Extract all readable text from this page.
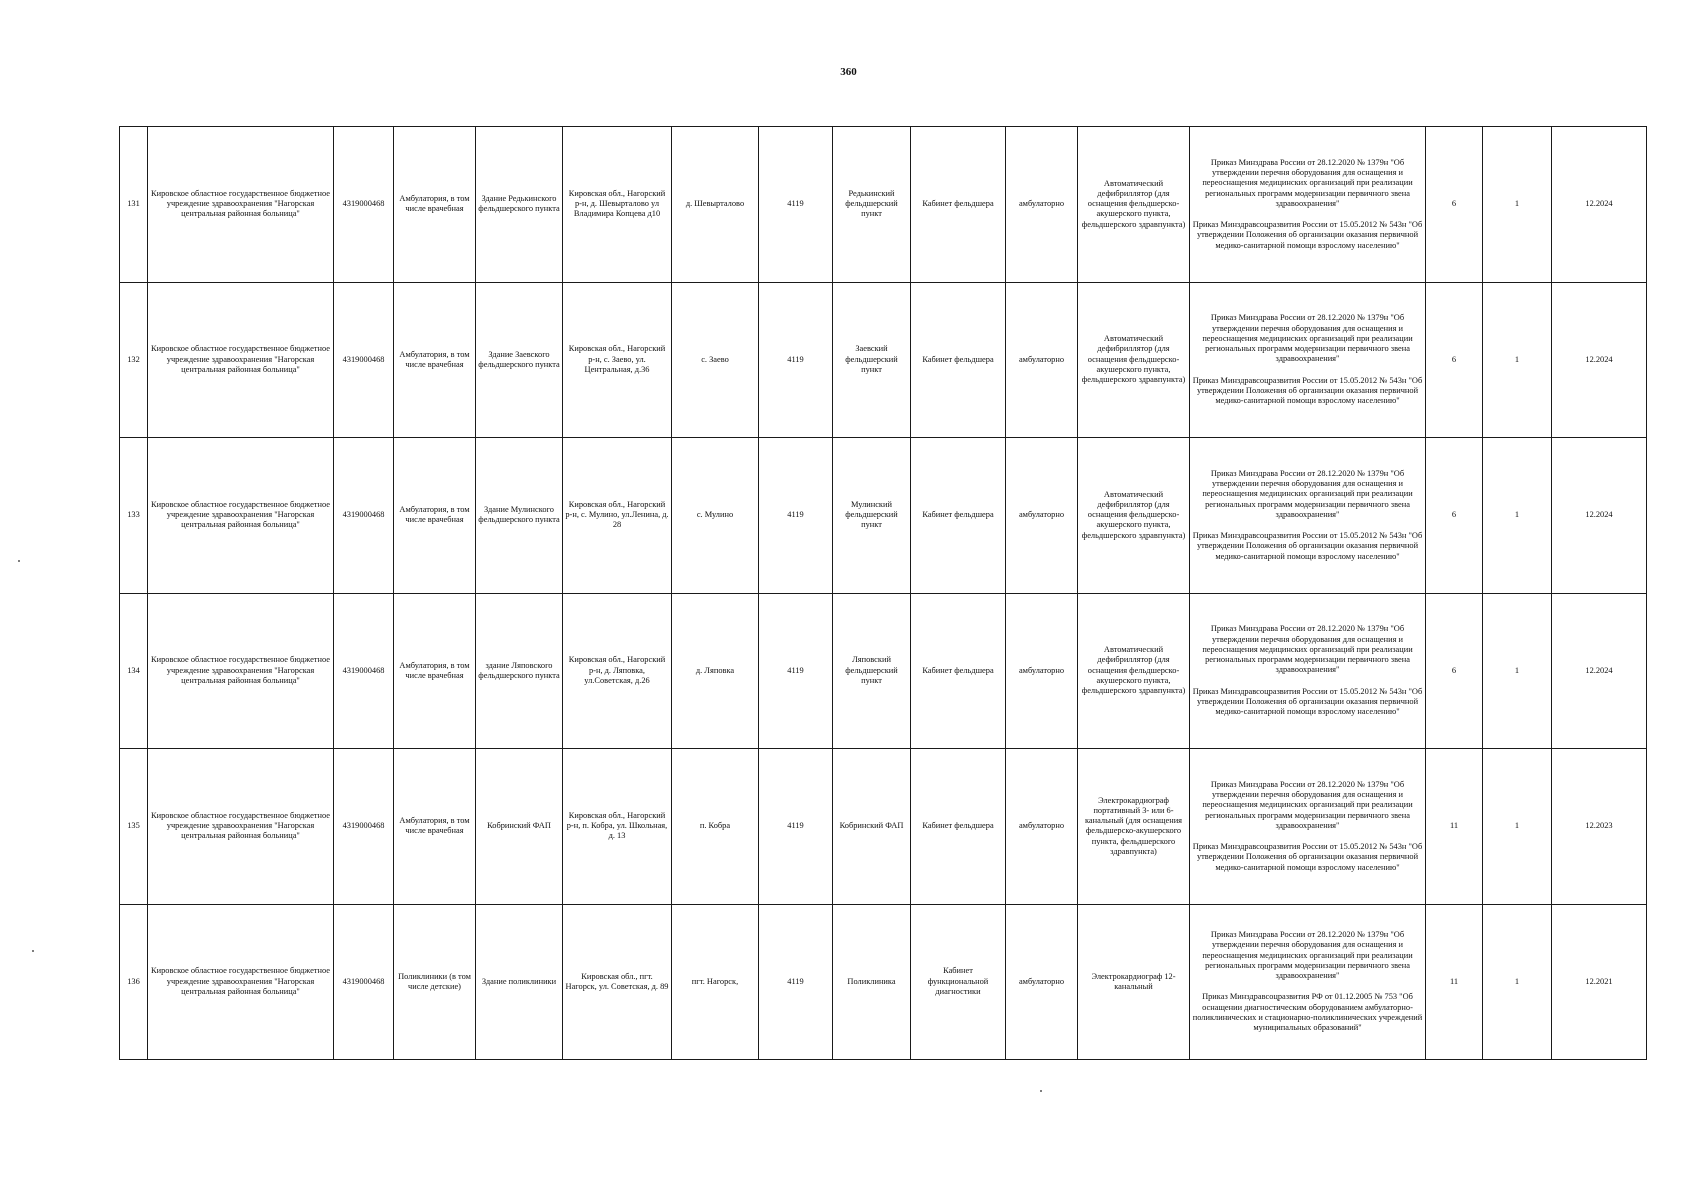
360
131	Кировское областное государственное бюджетное учреждение здравоохранения "Нагорская центральная районная больница"	4319000468	Амбулатория, в том числе врачебная	Здание Редькинского фельдшерского пункта	Кировская обл., Нагорский р-н, д. Шевырталово ул Владимира Копцева д10	д. Шевырталово	4119	Редькинский фельдшерский пункт	Кабинет фельдшера	амбулаторно	Автоматический дефибриллятор (для оснащения фельдшерско-акушерского пункта, фельдшерского здравпункта)	Приказ Минздрава России от 28.12.2020 № 1379н "Об утверждении перечня оборудования для оснащения и переоснащения медицинских организаций при реализации региональных программ модернизации первичного звена здравоохранения"
Приказ Минздравсоцразвития России от 15.05.2012 № 543н "Об утверждении Положения об организации оказания первичной медико-санитарной помощи взрослому населению"	6	1	12.2024
132	Кировское областное государственное бюджетное учреждение здравоохранения "Нагорская центральная районная больница"	4319000468	Амбулатория, в том числе врачебная	Здание Заевского фельдшерского пункта	Кировская обл., Нагорский р-н, с. Заево, ул. Центральная, д.36	с. Заево	4119	Заевский фельдшерский пункт	Кабинет фельдшера	амбулаторно	Автоматический дефибриллятор (для оснащения фельдшерско-акушерского пункта, фельдшерского здравпункта)	Приказ Минздрава России от 28.12.2020 № 1379н "Об утверждении перечня оборудования для оснащения и переоснащения медицинских организаций при реализации региональных программ модернизации первичного звена здравоохранения"
Приказ Минздравсоцразвития России от 15.05.2012 № 543н "Об утверждении Положения об организации оказания первичной медико-санитарной помощи взрослому населению"	6	1	12.2024
133	Кировское областное государственное бюджетное учреждение здравоохранения "Нагорская центральная районная больница"	4319000468	Амбулатория, в том числе врачебная	Здание Мулинского фельдшерского пункта	Кировская обл., Нагорский р-н, с. Мулино, ул.Ленина, д. 28	с. Мулино	4119	Мулинский фельдшерский пункт	Кабинет фельдшера	амбулаторно	Автоматический дефибриллятор (для оснащения фельдшерско-акушерского пункта, фельдшерского здравпункта)	Приказ Минздрава России от 28.12.2020 № 1379н "Об утверждении перечня оборудования для оснащения и переоснащения медицинских организаций при реализации региональных программ модернизации первичного звена здравоохранения"
Приказ Минздравсоцразвития России от 15.05.2012 № 543н "Об утверждении Положения об организации оказания первичной медико-санитарной помощи взрослому населению"	6	1	12.2024
134	Кировское областное государственное бюджетное учреждение здравоохранения "Нагорская центральная районная больница"	4319000468	Амбулатория, в том числе врачебная	здание Ляповского фельдшерского пункта	Кировская обл., Нагорский р-н, д. Ляповка, ул.Советская, д.26	д. Ляповка	4119	Ляповский фельдшерский пункт	Кабинет фельдшера	амбулаторно	Автоматический дефибриллятор (для оснащения фельдшерско-акушерского пункта, фельдшерского здравпункта)	Приказ Минздрава России от 28.12.2020 № 1379н "Об утверждении перечня оборудования для оснащения и переоснащения медицинских организаций при реализации региональных программ модернизации первичного звена здравоохранения"
Приказ Минздравсоцразвития России от 15.05.2012 № 543н "Об утверждении Положения об организации оказания первичной медико-санитарной помощи взрослому населению"	6	1	12.2024
135	Кировское областное государственное бюджетное учреждение здравоохранения "Нагорская центральная районная больница"	4319000468	Амбулатория, в том числе врачебная	Кобринский ФАП	Кировская обл., Нагорский р-н, п. Кобра, ул. Школьная, д. 13	п. Кобра	4119	Кобринский ФАП	Кабинет фельдшера	амбулаторно	Электрокардиограф портативный 3- или 6-канальный (для оснащения фельдшерско-акушерского пункта, фельдшерского здравпункта)	Приказ Минздрава России от 28.12.2020 № 1379н "Об утверждении перечня оборудования для оснащения и переоснащения медицинских организаций при реализации региональных программ модернизации первичного звена здравоохранения"
Приказ Минздравсоцразвития России от 15.05.2012 № 543н "Об утверждении Положения об организации оказания первичной медико-санитарной помощи взрослому населению"	11	1	12.2023
136	Кировское областное государственное бюджетное учреждение здравоохранения "Нагорская центральная районная больница"	4319000468	Поликлиники (в том числе детские)	Здание поликлиники	Кировская обл., пгт. Нагорск, ул. Советская, д. 89	пгт. Нагорск,	4119	Поликлиника	Кабинет функциональной диагностики	амбулаторно	Электрокардиограф 12-канальный	Приказ Минздрава России от 28.12.2020 № 1379н "Об утверждении перечня оборудования для оснащения и переоснащения медицинских организаций при реализации региональных программ модернизации первичного звена здравоохранения"
Приказ Минздравсоцразвития РФ от 01.12.2005 № 753 "Об оснащении диагностическим оборудованием амбулаторно-поликлинических и стационарно-поликлинических учреждений муниципальных образований"	11	1	12.2021
